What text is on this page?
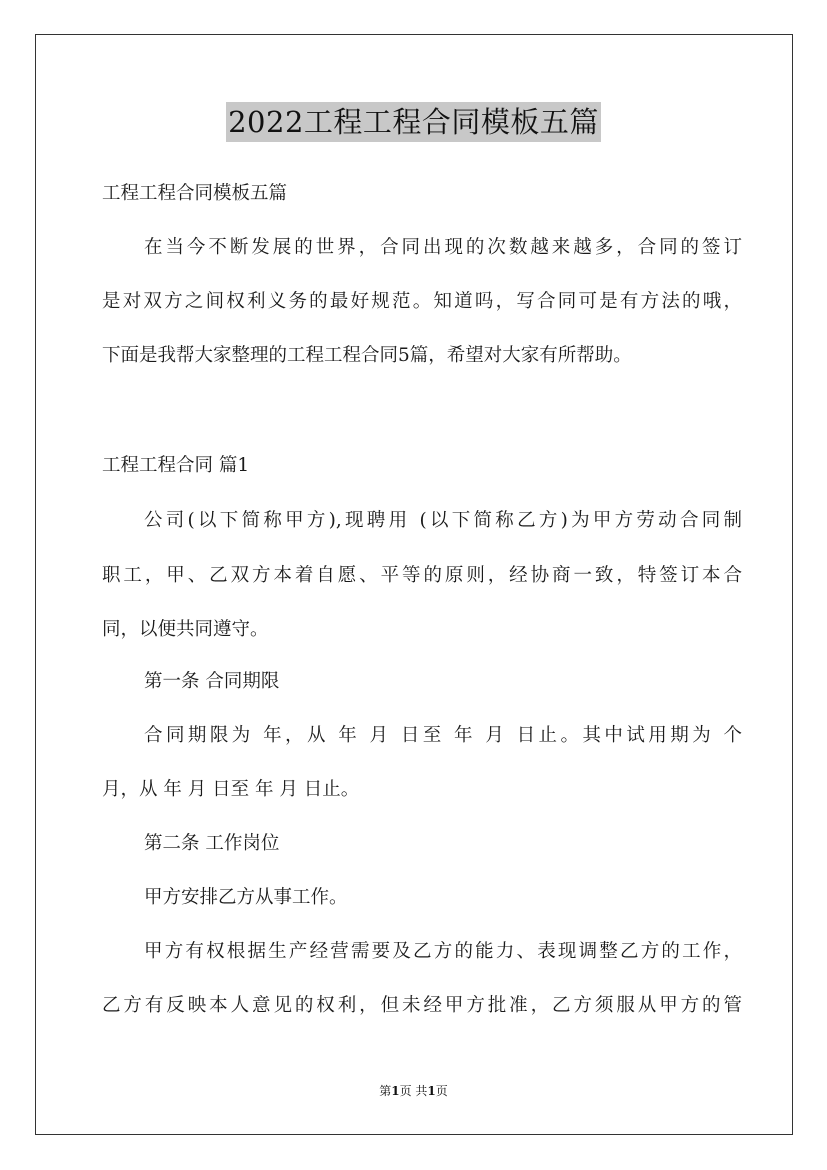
2022工程工程合同模板五篇
工程工程合同模板五篇
在当今不断发展的世界，合同出现的次数越来越多，合同的签订
是对双方之间权利义务的最好规范。知道吗，写合同可是有方法的哦，
下面是我帮大家整理的工程工程合同5篇，希望对大家有所帮助。
工程工程合同 篇1
公司(以下简称甲方),现聘用 (以下简称乙方)为甲方劳动合同制
职工，甲、乙双方本着自愿、平等的原则，经协商一致，特签订本合
同，以便共同遵守。
第一条 合同期限
合同期限为 年，从 年 月 日至 年 月 日止。其中试用期为 个
月，从 年 月 日至 年 月 日止。
第二条 工作岗位
甲方安排乙方从事工作。
甲方有权根据生产经营需要及乙方的能力、表现调整乙方的工作，
乙方有反映本人意见的权利，但未经甲方批准，乙方须服从甲方的管
第1页 共1页
